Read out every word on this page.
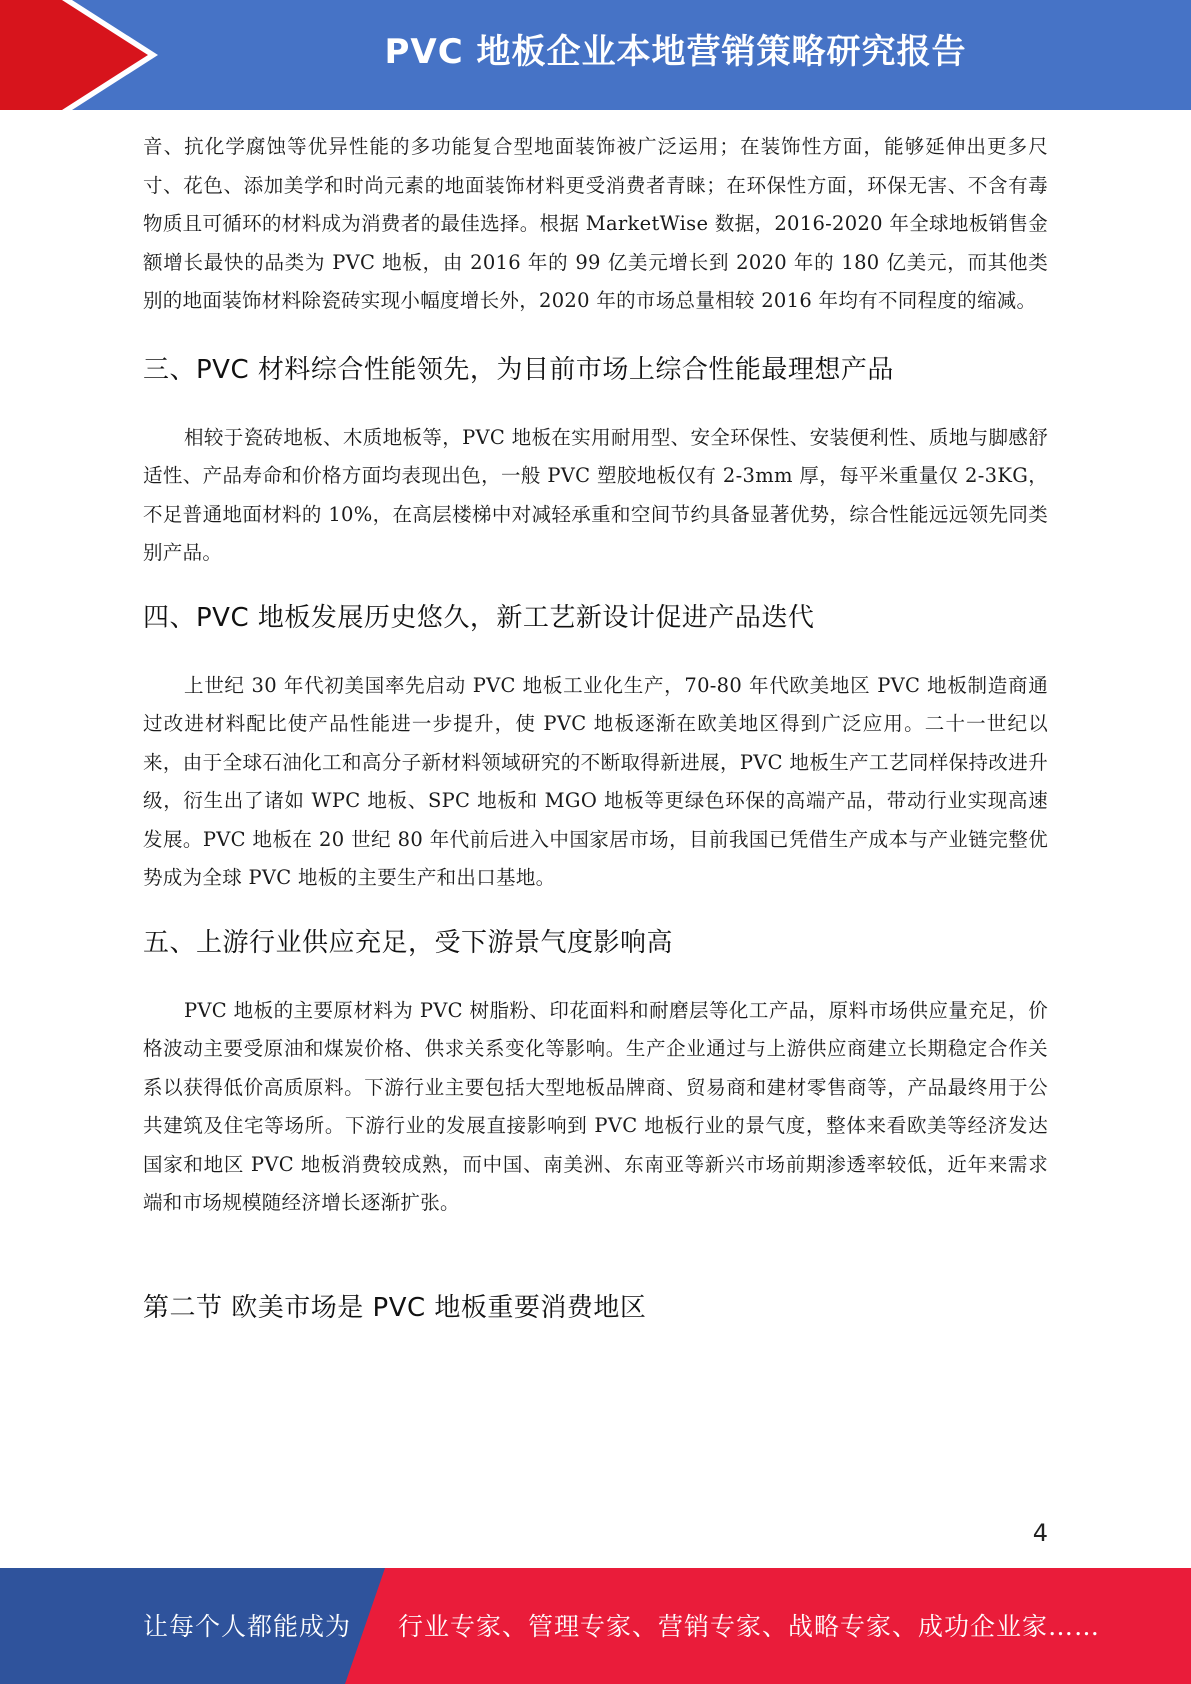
PVC 地板企业本地营销策略研究报告

音、抗化学腐蚀等优异性能的多功能复合型地面装饰被广泛运用；在装饰性方面，能够延伸出更多尺寸、花色、添加美学和时尚元素的地面装饰材料更受消费者青睐；在环保性方面，环保无害、不含有毒物质且可循环的材料成为消费者的最佳选择。根据 MarketWise 数据，2016-2020 年全球地板销售金额增长最快的品类为 PVC 地板，由 2016 年的 99 亿美元增长到 2020 年的 180 亿美元，而其他类别的地面装饰材料除瓷砖实现小幅度增长外，2020 年的市场总量相较 2016 年均有不同程度的缩减。

三、PVC 材料综合性能领先，为目前市场上综合性能最理想产品

相较于瓷砖地板、木质地板等，PVC 地板在实用耐用型、安全环保性、安装便利性、质地与脚感舒适性、产品寿命和价格方面均表现出色，一般 PVC 塑胶地板仅有 2-3mm 厚，每平米重量仅 2-3KG，不足普通地面材料的 10%，在高层楼梯中对减轻承重和空间节约具备显著优势，综合性能远远领先同类别产品。

四、PVC 地板发展历史悠久，新工艺新设计促进产品迭代

上世纪 30 年代初美国率先启动 PVC 地板工业化生产，70-80 年代欧美地区 PVC 地板制造商通过改进材料配比使产品性能进一步提升，使 PVC 地板逐渐在欧美地区得到广泛应用。二十一世纪以来，由于全球石油化工和高分子新材料领域研究的不断取得新进展，PVC 地板生产工艺同样保持改进升级，衍生出了诸如 WPC 地板、SPC 地板和 MGO 地板等更绿色环保的高端产品，带动行业实现高速发展。PVC 地板在 20 世纪 80 年代前后进入中国家居市场，目前我国已凭借生产成本与产业链完整优势成为全球 PVC 地板的主要生产和出口基地。

五、上游行业供应充足，受下游景气度影响高

PVC 地板的主要原材料为 PVC 树脂粉、印花面料和耐磨层等化工产品，原料市场供应量充足，价格波动主要受原油和煤炭价格、供求关系变化等影响。生产企业通过与上游供应商建立长期稳定合作关系以获得低价高质原料。下游行业主要包括大型地板品牌商、贸易商和建材零售商等，产品最终用于公共建筑及住宅等场所。下游行业的发展直接影响到 PVC 地板行业的景气度，整体来看欧美等经济发达国家和地区 PVC 地板消费较成熟，而中国、南美洲、东南亚等新兴市场前期渗透率较低，近年来需求端和市场规模随经济增长逐渐扩张。

第二节 欧美市场是 PVC 地板重要消费地区
4
让每个人都能成为 行业专家、管理专家、营销专家、战略专家、成功企业家……
